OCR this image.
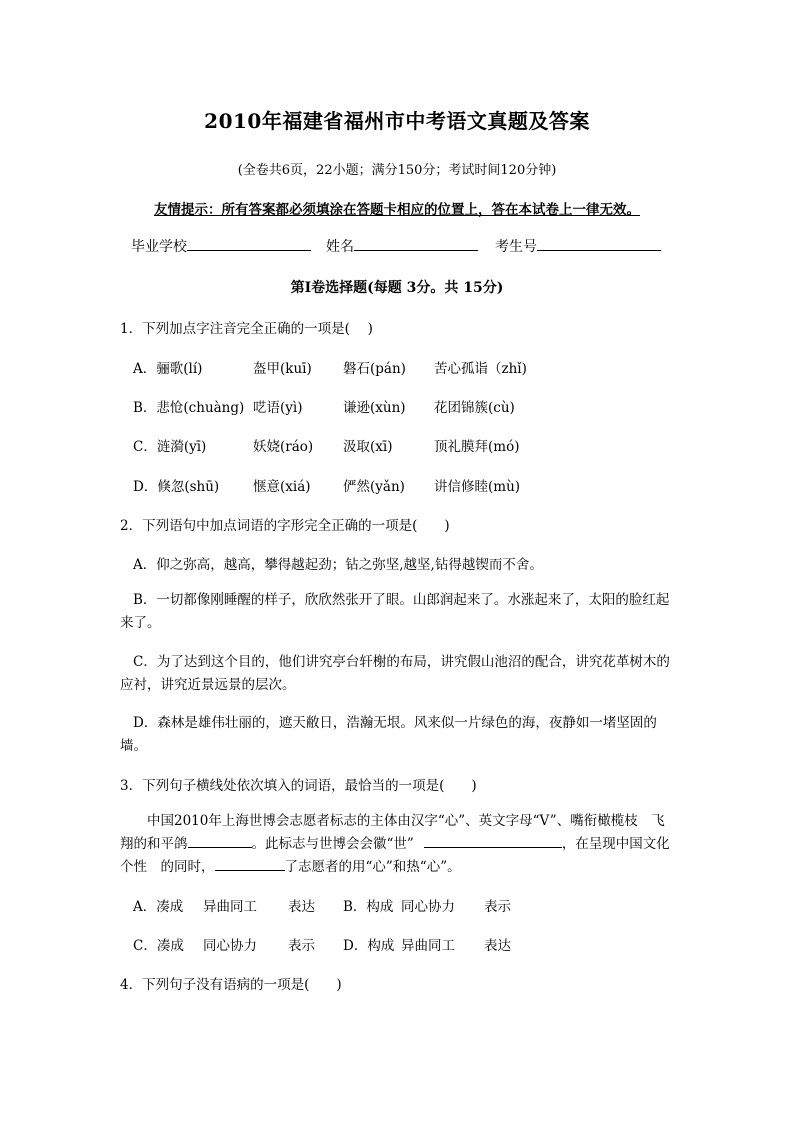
2010年福建省福州市中考语文真题及答案
(全卷共6页，22小题；满分150分；考试时间120分钟)
友情提示：所有答案都必须填涂在答题卡相应的位置上，答在本试卷上一律无效。
毕业学校	姓名	考生号
第Ⅰ卷选择题(每题 3分。共 15分)
1．下列加点字注音完全正确的一项是(　 )
A．骊歌(lí)	盔甲(kuī) 磐石(pán) 苦心孤诣（zhǐ)
B．悲怆(chuàng) 呓语(yì)	谦逊(xùn) 花团锦簇(cù)
C．涟漪(yī)	妖娆(ráo) 汲取(xī)	顶礼膜拜(mó)
D．倏忽(shū)	惬意(xiá) 俨然(yǎn) 讲信修睦(mù)
2．下列语句中加点词语的字形完全正确的一项是(　　)
A．仰之弥高，越高，攀得越起劲；钻之弥坚,越坚,钻得越锲而不舍。
B．一切都像刚睡醒的样子，欣欣然张开了眼。山郎润起来了。水涨起来了，太阳的脸红起来了。
C．为了达到这个目的，他们讲究亭台轩榭的布局，讲究假山池沼的配合，讲究花革树木的应衬，讲究近景远景的层次。
D．森林是雄伟壮丽的，遮天敝日，浩瀚无垠。风来似一片绿色的海，夜静如一堵坚固的墙。
3．下列句子横线处依次填入的词语，最恰当的一项是(　　)
中国2010年上海世博会志愿者标志的主体由汉字“心”、英文字母“V”、嘴衔橄榄枝　飞翔的和平鸽	。此标志与世博会会徽“世”	，在呈现中国文化个性　的同时，	了志愿者的用“心”和热“心”。
A．凑成 异曲同工 表达 B．构成 同心协力 表示
C．凑成 同心协力 表示 D．构成 异曲同工 表达
4．下列句子没有语病的一项是(　　)
